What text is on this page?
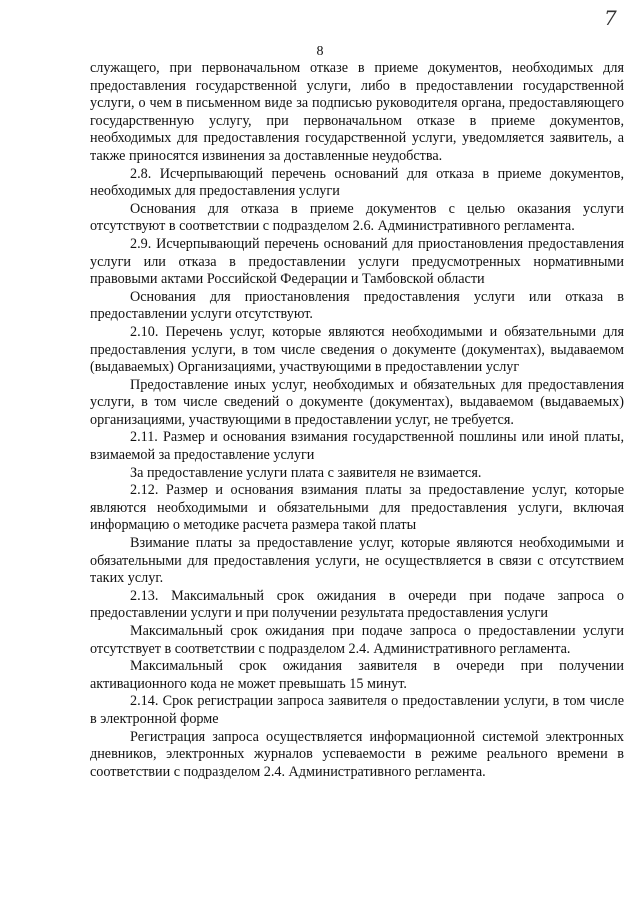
7
8

служащего, при первоначальном отказе в приеме документов, необходимых для предоставления государственной услуги, либо в предоставлении государственной услуги, о чем в письменном виде за подписью руководителя органа, предоставляющего государственную услугу, при первоначальном отказе в приеме документов, необходимых для предоставления государственной услуги, уведомляется заявитель, а также приносятся извинения за доставленные неудобства.

2.8. Исчерпывающий перечень оснований для отказа в приеме документов, необходимых для предоставления услуги

Основания для отказа в приеме документов с целью оказания услуги отсутствуют в соответствии с подразделом 2.6. Административного регламента.

2.9. Исчерпывающий перечень оснований для приостановления предоставления услуги или отказа в предоставлении услуги предусмотренных нормативными правовыми актами Российской Федерации и Тамбовской области

Основания для приостановления предоставления услуги или отказа в предоставлении услуги отсутствуют.

2.10. Перечень услуг, которые являются необходимыми и обязательными для предоставления услуги, в том числе сведения о документе (документах), выдаваемом (выдаваемых) Организациями, участвующими в предоставлении услуг

Предоставление иных услуг, необходимых и обязательных для предоставления услуги, в том числе сведений о документе (документах), выдаваемом (выдаваемых) организациями, участвующими в предоставлении услуг, не требуется.

2.11. Размер и основания взимания государственной пошлины или иной платы, взимаемой за предоставление услуги

За предоставление услуги плата с заявителя не взимается.

2.12. Размер и основания взимания платы за предоставление услуг, которые являются необходимыми и обязательными для предоставления услуги, включая информацию о методике расчета размера такой платы

Взимание платы за предоставление услуг, которые являются необходимыми и обязательными для предоставления услуги, не осуществляется в связи с отсутствием таких услуг.

2.13. Максимальный срок ожидания в очереди при подаче запроса о предоставлении услуги и при получении результата предоставления услуги

Максимальный срок ожидания при подаче запроса о предоставлении услуги отсутствует в соответствии с подразделом 2.4. Административного регламента.

Максимальный срок ожидания заявителя в очереди при получении активационного кода не может превышать 15 минут.

2.14. Срок регистрации запроса заявителя о предоставлении услуги, в том числе в электронной форме

Регистрация запроса осуществляется информационной системой электронных дневников, электронных журналов успеваемости в режиме реального времени в соответствии с подразделом 2.4. Административного регламента.
